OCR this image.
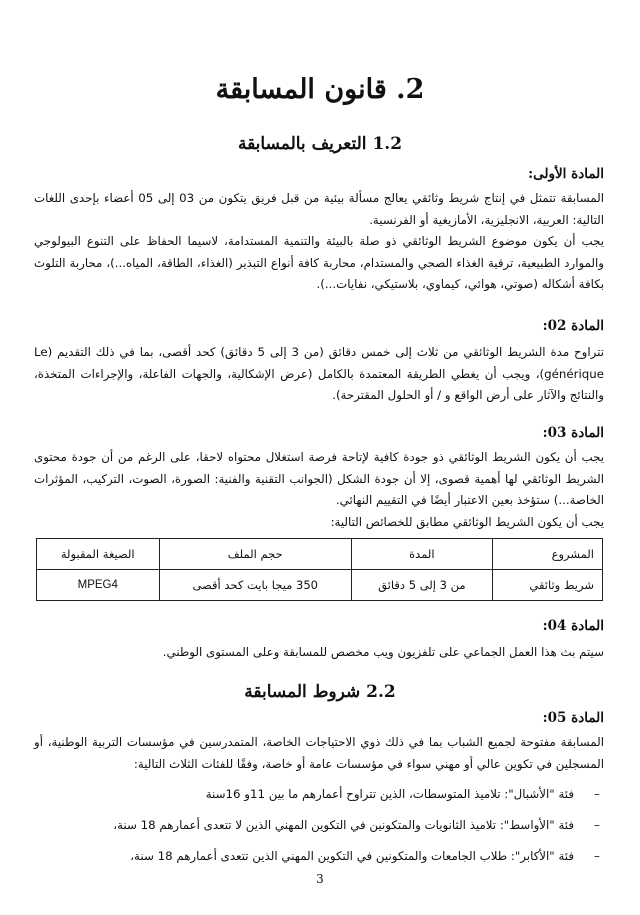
2. قانون المسابقة
1.2 التعريف بالمسابقة
المادة الأولى:

المسابقة تتمثل في إنتاج شريط وثائقي يعالج مسألة بيئية من قبل فريق يتكون من 03 إلى 05 أعضاء بإحدى اللغات التالية: العربية، الانجليزية، الأمازيغية أو الفرنسية.

يجب أن يكون موضوع الشريط الوثائقي ذو صلة بالبيئة والتنمية المستدامة، لاسيما الحفاظ على التنوع البيولوجي والموارد الطبيعية، ترقية الغذاء الصحي والمستدام، محاربة كافة أنواع التبذير (الغذاء، الطاقة، المياه...)، محاربة التلوث بكافة أشكاله (صوتي، هوائي، كيماوي، بلاستيكي، نفايات...).

المادة 02:

تتراوح مدة الشريط الوثائقي من ثلاث إلى خمس دقائق (من 3 إلى 5 دقائق) كحد أقصى، بما في ذلك التقديم (Le générique)، ويجب أن يغطي الطريقة المعتمدة بالكامل (عرض الإشكالية، والجهات الفاعلة، والإجراءات المتخذة، والنتائج والآثار على أرض الواقع و / أو الحلول المقترحة).

المادة 03:

يجب أن يكون الشريط الوثائقي ذو جودة كافية لإتاحة فرصة استغلال محتواه لاحقا، على الرغم من أن جودة محتوى الشريط الوثائقي لها أهمية قصوى، إلا أن جودة الشكل (الجوانب التقنية والفنية: الصورة، الصوت، التركيب، المؤثرات الخاصة...) ستؤخذ بعين الاعتبار أيضًا في التقييم النهائي.

يجب أن يكون الشريط الوثائقي مطابق للخصائص التالية:

المشروع	المدة	حجم الملف	الصيغة المقبولة
شريط وثائقي	من 3 إلى 5 دقائق	350 ميجا بايت كحد أقصى	MPEG4
المادة 04:

سيتم بث هذا العمل الجماعي على تلفزيون ويب مخصص للمسابقة وعلى المستوى الوطني.

2.2 شروط المسابقة
المادة 05:

المسابقة مفتوحة لجميع الشباب بما في ذلك ذوي الاحتياجات الخاصة، المتمدرسين في مؤسسات التربية الوطنية، أو المسجلين في تكوين عالي أو مهني سواء في مؤسسات عامة أو خاصة، وفقًا للفئات الثلاث التالية:

–
فئة "الأشبال": تلاميذ المتوسطات، الذين تتراوح أعمارهم ما بين 11و 16سنة
–
فئة "الأواسط": تلاميذ الثانويات والمتكونين في التكوين المهني الذين لا تتعدى أعمارهم 18 سنة،
–
فئة "الأكابر": طلاب الجامعات والمتكونين في التكوين المهني الذين تتعدى أعمارهم 18 سنة،
3
